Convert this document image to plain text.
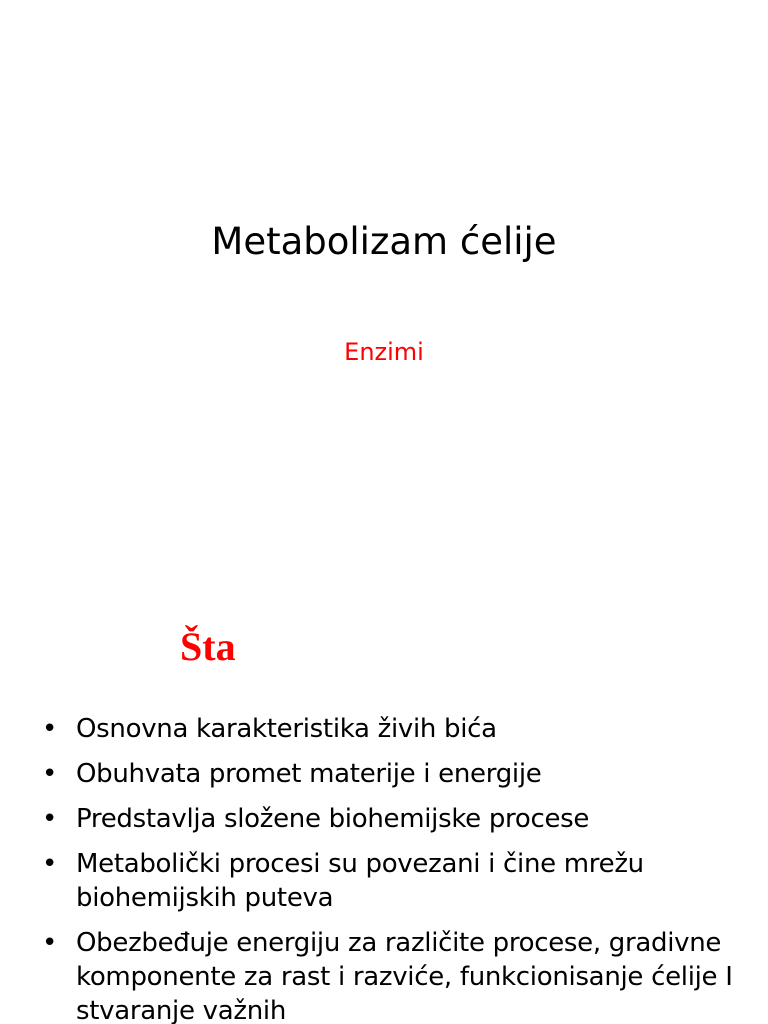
Metabolizam ćelije
Enzimi
Šta
• Osnovna karakteristika živih bića
• Obuhvata promet materije i energije
• Predstavlja složene biohemijske procese
• Metabolički procesi su povezani i čine mrežu biohemijskih puteva
• Obezbeđuje energiju za različite procese, gradivne komponente za rast i razviće, funkcionisanje ćelije I stvaranje važnih
